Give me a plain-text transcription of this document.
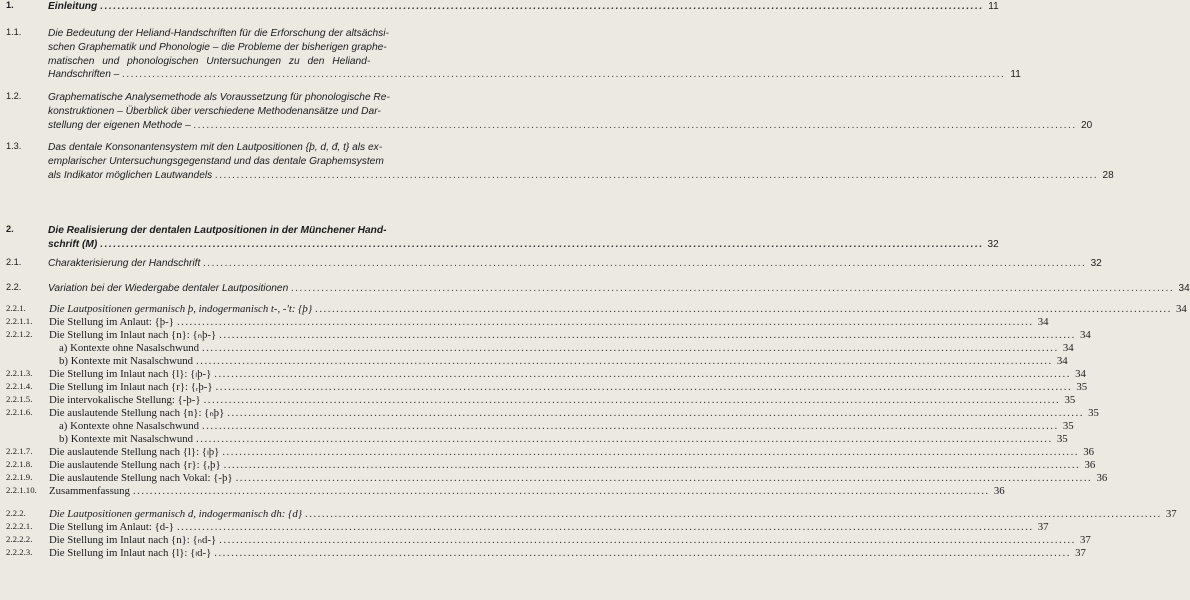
1.	Einleitung .....	11
1.1.	Die Bedeutung der Heliand-Handschriften für die Erforschung der altsächsi-
schen Graphematik und Phonologie – die Probleme der bisherigen graphe-
matischen und phonologischen Untersuchungen zu den Heliand-
Handschriften – .....	11
1.2.	Graphematische Analysemethode als Voraussetzung für phonologische Re-
konstruktionen – Überblick über verschiedene Methodenansätze und Dar-
stellung der eigenen Methode – .....	20
1.3.	Das dentale Konsonantensystem mit den Lautpositionen {þ, d, đ, t} als ex-
emplarischer Untersuchungsgegenstand und das dentale Graphemsystem
als Indikator möglichen Lautwandels .....	28
2.	Die Realisierung der dentalen Lautpositionen in der Münchener Hand-
schrift (M) .....	32
2.1.	Charakterisierung der Handschrift .....	32
2.2.	Variation bei der Wiedergabe dentaler Lautpositionen .....	34
2.2.1.	Die Lautpositionen germanisch þ, indogermanisch t-, -'t: {þ} .....	34
2.2.1.1.	Die Stellung im Anlaut: {þ-} .....	34
2.2.1.2.	Die Stellung im Inlaut nach {n}: {ₙþ-} .....	34
a) Kontexte ohne Nasalschwund .....	34
b) Kontexte mit Nasalschwund .....	34
2.2.1.3.	Die Stellung im Inlaut nach {l}: {ₗþ-} .....	34
2.2.1.4.	Die Stellung im Inlaut nach {r}: {ᵣþ-} .....	35
2.2.1.5.	Die intervokalische Stellung: {-þ-} .....	35
2.2.1.6.	Die auslautende Stellung nach {n}: {ₙþ} .....	35
a) Kontexte ohne Nasalschwund .....	35
b) Kontexte mit Nasalschwund .....	35
2.2.1.7.	Die auslautende Stellung nach {l}: {ₗþ} .....	36
2.2.1.8.	Die auslautende Stellung nach {r}: {ᵣþ} .....	36
2.2.1.9.	Die auslautende Stellung nach Vokal: {-þ} .....	36
2.2.1.10.	Zusammenfassung .....	36
2.2.2.	Die Lautpositionen germanisch d, indogermanisch dh: {d} .....	37
2.2.2.1.	Die Stellung im Anlaut: {d-} .....	37
2.2.2.2.	Die Stellung im Inlaut nach {n}: {ₙd-} .....	37
2.2.2.3.	Die Stellung im Inlaut nach {l}: {ₗd-} .....	37
